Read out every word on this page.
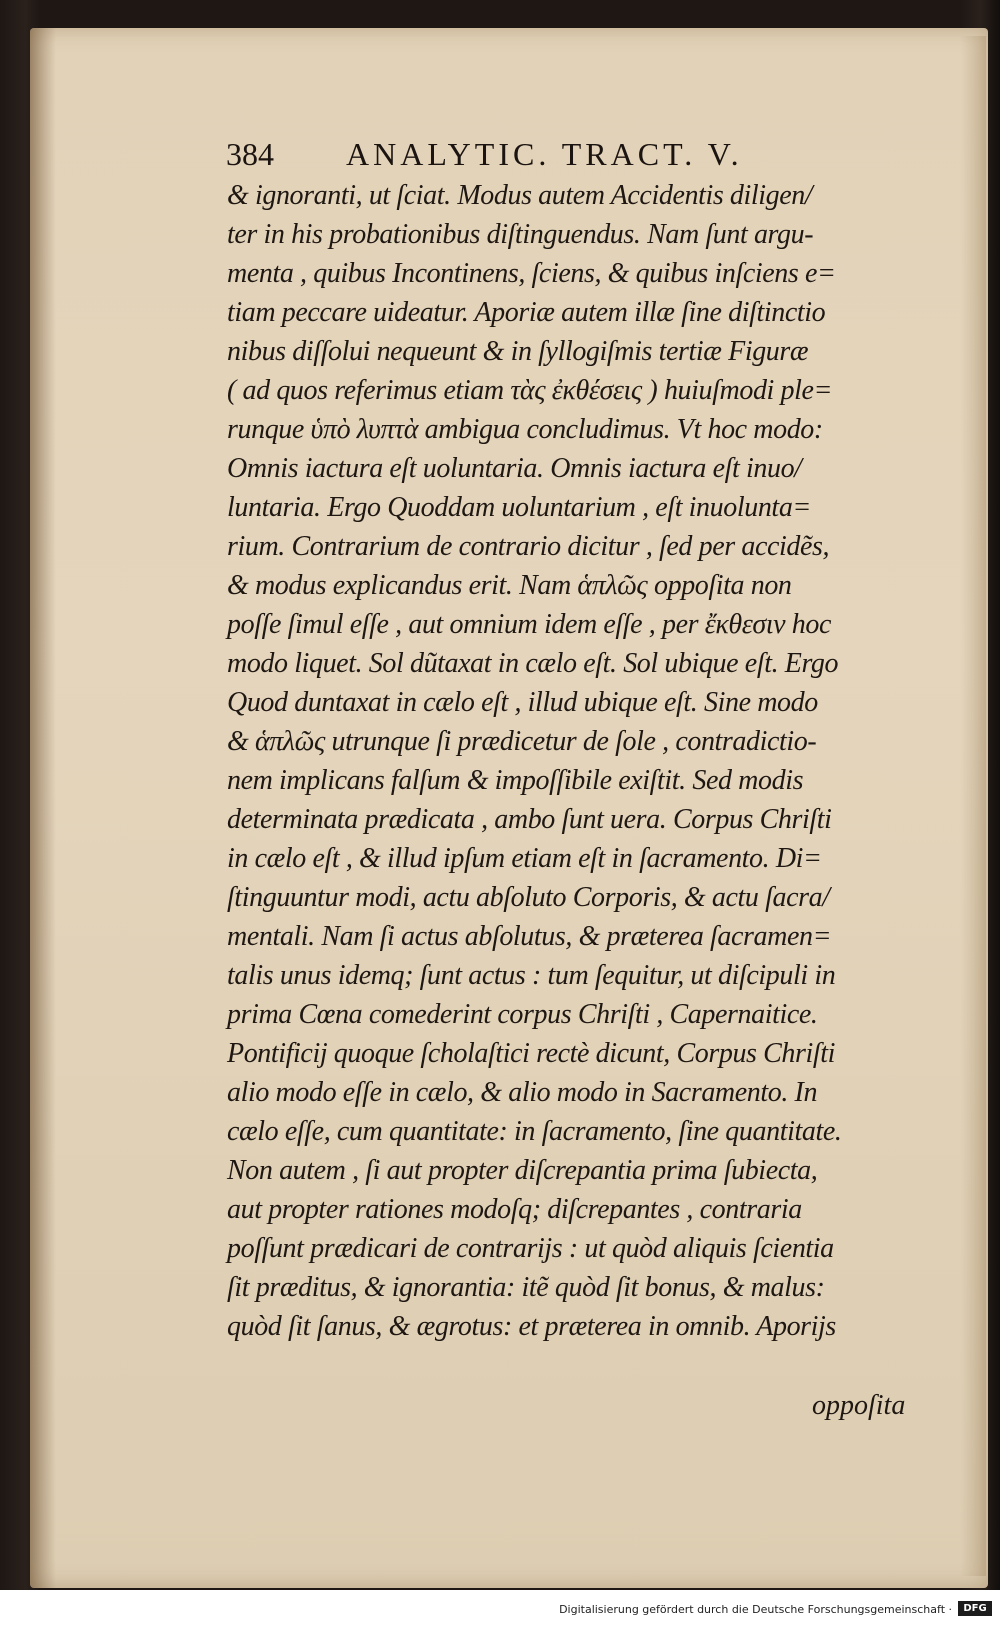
384 ANALYTIC. TRACT. V.
& ignoranti, ut ſciat. Modus autem Accidentis diligen/
ter in his probationibus diſtinguendus. Nam ſunt argu-
menta , quibus Incontinens, ſciens, & quibus inſciens e=
tiam peccare uideatur. Aporiæ autem illæ ſine diſtinctio
nibus diſſolui nequeunt & in ſyllogiſmis tertiæ Figuræ
( ad quos referimus etiam τὰς ἐκθέσεις ) huiuſmodi ple=
runque ὑπὸ λυπτὰ ambigua concludimus. Vt hoc modo:
Omnis iactura eſt uoluntaria. Omnis iactura eſt inuo/
luntaria. Ergo Quoddam uoluntarium , eſt inuolunta=
rium. Contrarium de contrario dicitur , ſed per accidẽs,
& modus explicandus erit. Nam ἁπλῶς oppoſita non
poſſe ſimul eſſe , aut omnium idem eſſe , per ἔκθεσιν hoc
modo liquet. Sol dũtaxat in cælo eſt. Sol ubique eſt. Ergo
Quod duntaxat in cælo eſt , illud ubique eſt. Sine modo
& ἁπλῶς utrunque ſi prædicetur de ſole , contradictio-
nem implicans falſum & impoſſibile exiſtit. Sed modis
determinata prædicata , ambo ſunt uera. Corpus Chriſti
in cælo eſt , & illud ipſum etiam eſt in ſacramento. Di=
ſtinguuntur modi, actu abſoluto Corporis, & actu ſacra/
mentali. Nam ſi actus abſolutus, & præterea ſacramen=
talis unus idemq; ſunt actus : tum ſequitur, ut diſcipuli in
prima Cœna comederint corpus Chriſti , Capernaitice.
Pontificij quoque ſcholaſtici rectè dicunt, Corpus Chriſti
alio modo eſſe in cælo, & alio modo in Sacramento. In
cælo eſſe, cum quantitate: in ſacramento, ſine quantitate.
Non autem , ſi aut propter diſcrepantia prima ſubiecta,
aut propter rationes modoſq; diſcrepantes , contraria
poſſunt prædicari de contrarijs : ut quòd aliquis ſcientia
ſit præditus, & ignorantia: itẽ quòd ſit bonus, & malus:
quòd ſit ſanus, & ægrotus: et præterea in omnib. Aporijs
oppoſita
Digitalisierung gefördert durch die Deutsche Forschungsgemeinschaft ·	DFG
